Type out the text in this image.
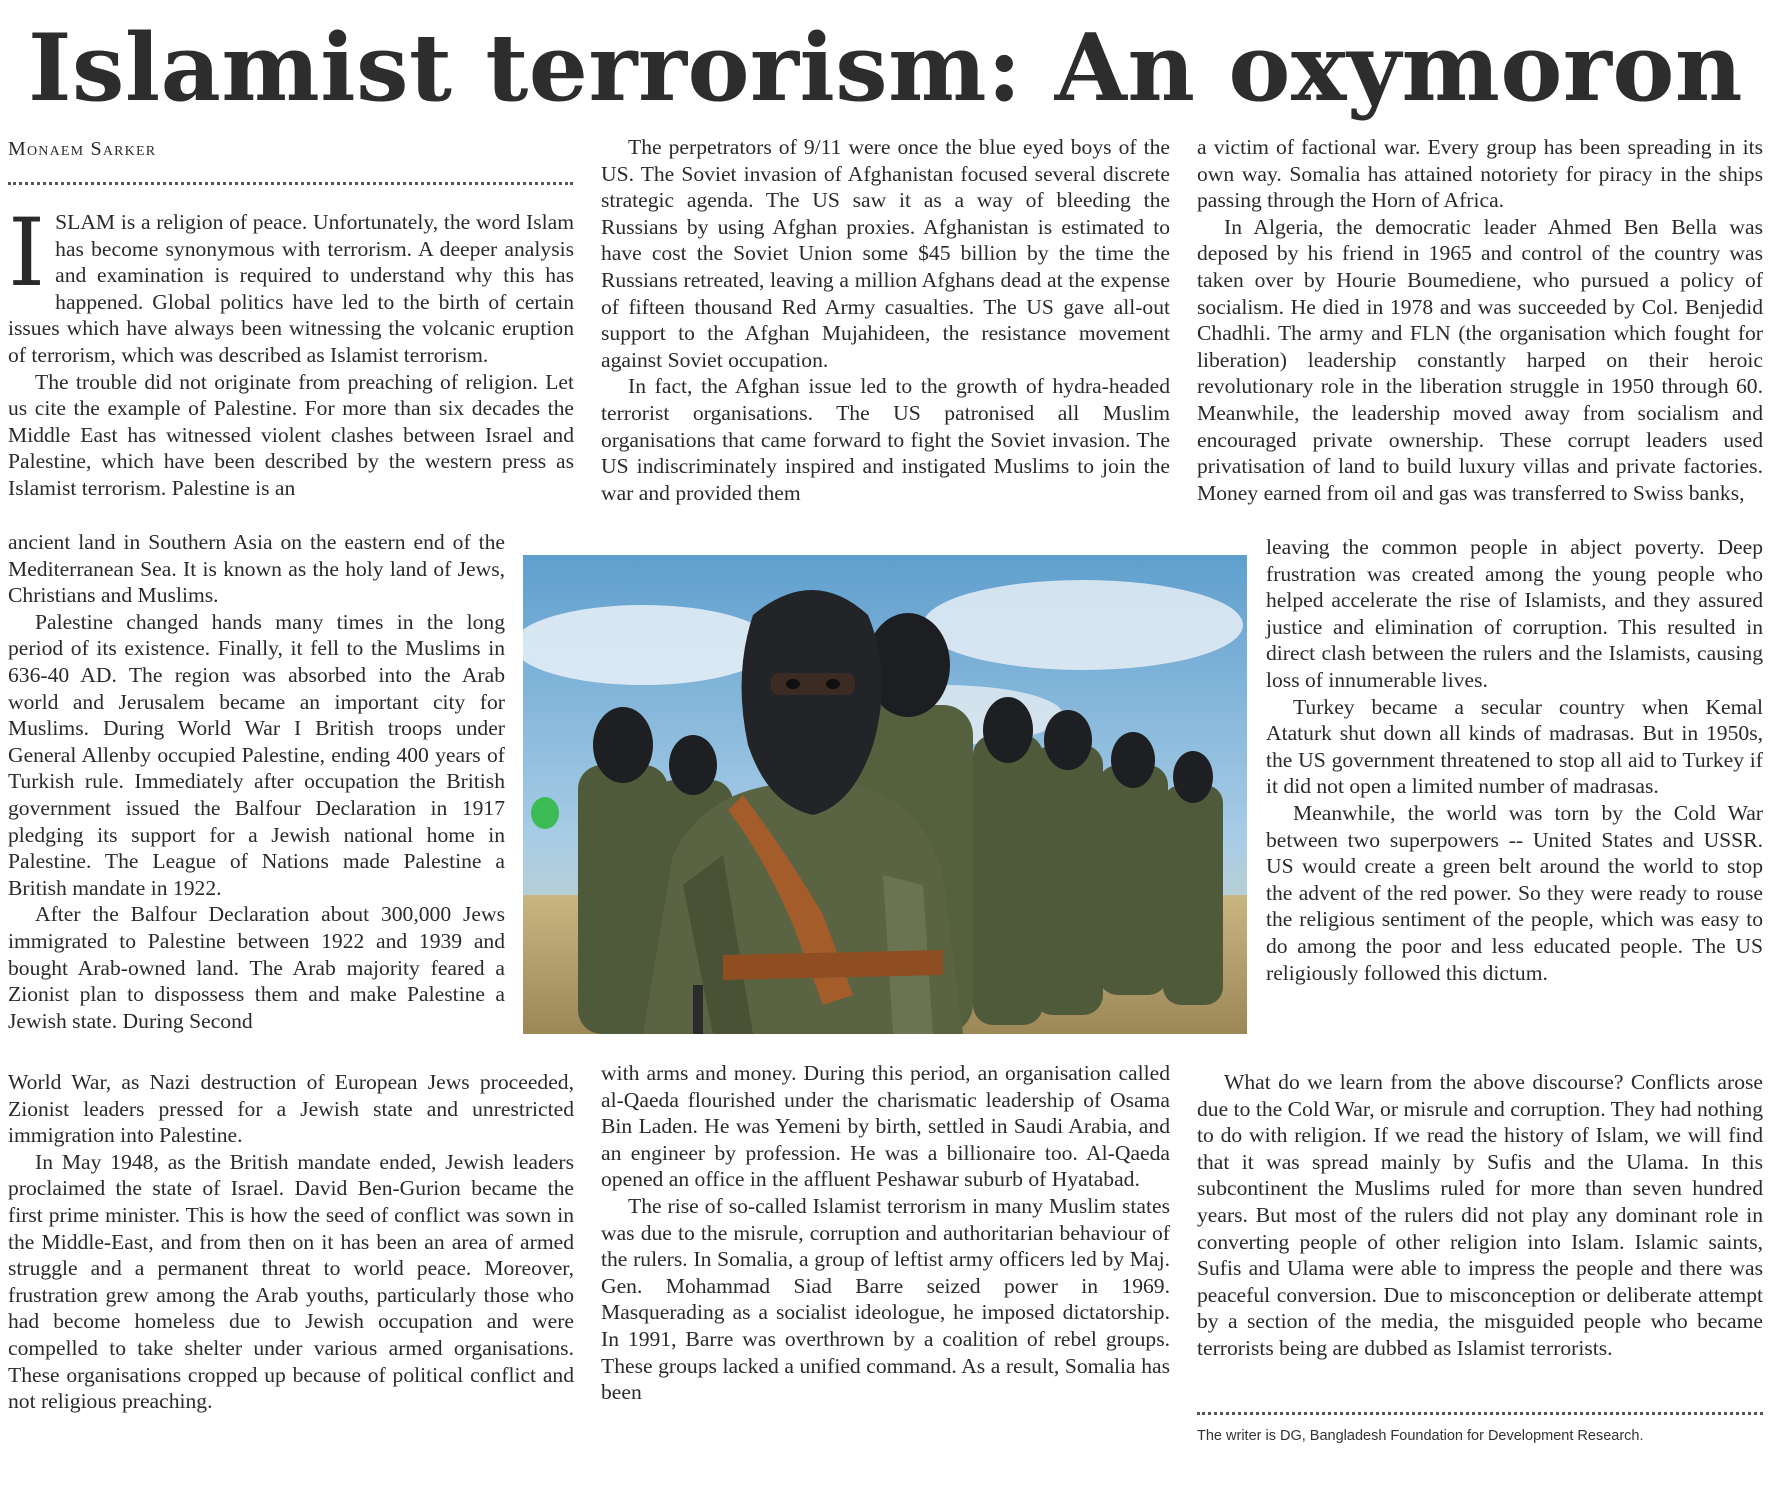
Islamist terrorism: An oxymoron
Monaem Sarker
I SLAM is a religion of peace. Unfortunately, the word Islam has become synonymous with terrorism. A deeper analysis and examination is required to understand why this has happened. Global politics have led to the birth of certain issues which have always been witnessing the volcanic eruption of terrorism, which was described as Islamist terrorism.

The trouble did not originate from preaching of religion. Let us cite the example of Palestine. For more than six decades the Middle East has witnessed violent clashes between Israel and Palestine, which have been described by the western press as Islamist terrorism. Palestine is an

ancient land in Southern Asia on the eastern end of the Mediterranean Sea. It is known as the holy land of Jews, Christians and Muslims.

Palestine changed hands many times in the long period of its existence. Finally, it fell to the Muslims in 636-40 AD. The region was absorbed into the Arab world and Jerusalem became an important city for Muslims. During World War I British troops under General Allenby occupied Palestine, ending 400 years of Turkish rule. Immediately after occupation the British government issued the Balfour Declaration in 1917 pledging its support for a Jewish national home in Palestine. The League of Nations made Palestine a British mandate in 1922.

After the Balfour Declaration about 300,000 Jews immigrated to Palestine between 1922 and 1939 and bought Arab-owned land. The Arab majority feared a Zionist plan to dispossess them and make Palestine a Jewish state. During Second

World War, as Nazi destruction of European Jews proceeded, Zionist leaders pressed for a Jewish state and unrestricted immigration into Palestine.

In May 1948, as the British mandate ended, Jewish leaders proclaimed the state of Israel. David Ben-Gurion became the first prime minister. This is how the seed of conflict was sown in the Middle-East, and from then on it has been an area of armed struggle and a permanent threat to world peace. Moreover, frustration grew among the Arab youths, particularly those who had become homeless due to Jewish occupation and were compelled to take shelter under various armed organisations. These organisations cropped up because of political conflict and not religious preaching.

The perpetrators of 9/11 were once the blue eyed boys of the US. The Soviet invasion of Afghanistan focused several discrete strategic agenda. The US saw it as a way of bleeding the Russians by using Afghan proxies. Afghanistan is estimated to have cost the Soviet Union some $45 billion by the time the Russians retreated, leaving a million Afghans dead at the expense of fifteen thousand Red Army casualties. The US gave all-out support to the Afghan Mujahideen, the resistance movement against Soviet occupation.

In fact, the Afghan issue led to the growth of hydra-headed terrorist organisations. The US patronised all Muslim organisations that came forward to fight the Soviet invasion. The US indiscriminately inspired and instigated Muslims to join the war and provided them

with arms and money. During this period, an organisation called al-Qaeda flourished under the charismatic leadership of Osama Bin Laden. He was Yemeni by birth, settled in Saudi Arabia, and an engineer by profession. He was a billionaire too. Al-Qaeda opened an office in the affluent Peshawar suburb of Hyatabad.

The rise of so-called Islamist terrorism in many Muslim states was due to the misrule, corruption and authoritarian behaviour of the rulers. In Somalia, a group of leftist army officers led by Maj. Gen. Mohammad Siad Barre seized power in 1969. Masquerading as a socialist ideologue, he imposed dictatorship. In 1991, Barre was overthrown by a coalition of rebel groups. These groups lacked a unified command. As a result, Somalia has been

a victim of factional war. Every group has been spreading in its own way. Somalia has attained notoriety for piracy in the ships passing through the Horn of Africa.

In Algeria, the democratic leader Ahmed Ben Bella was deposed by his friend in 1965 and control of the country was taken over by Hourie Boumediene, who pursued a policy of socialism. He died in 1978 and was succeeded by Col. Benjedid Chadhli. The army and FLN (the organisation which fought for liberation) leadership constantly harped on their heroic revolutionary role in the liberation struggle in 1950 through 60. Meanwhile, the leadership moved away from socialism and encouraged private ownership. These corrupt leaders used privatisation of land to build luxury villas and private factories. Money earned from oil and gas was transferred to Swiss banks,

leaving the common people in abject poverty. Deep frustration was created among the young people who helped accelerate the rise of Islamists, and they assured justice and elimination of corruption. This resulted in direct clash between the rulers and the Islamists, causing loss of innumerable lives.

Turkey became a secular country when Kemal Ataturk shut down all kinds of madrasas. But in 1950s, the US government threatened to stop all aid to Turkey if it did not open a limited number of madrasas.

Meanwhile, the world was torn by the Cold War between two superpowers -- United States and USSR. US would create a green belt around the world to stop the advent of the red power. So they were ready to rouse the religious sentiment of the people, which was easy to do among the poor and less educated people. The US religiously followed this dictum.

What do we learn from the above discourse? Conflicts arose due to the Cold War, or misrule and corruption. They had nothing to do with religion. If we read the history of Islam, we will find that it was spread mainly by Sufis and the Ulama. In this subcontinent the Muslims ruled for more than seven hundred years. But most of the rulers did not play any dominant role in converting people of other religion into Islam. Islamic saints, Sufis and Ulama were able to impress the people and there was peaceful conversion. Due to misconception or deliberate attempt by a section of the media, the misguided people who became terrorists being are dubbed as Islamist terrorists.

The writer is DG, Bangladesh Foundation for Development Research.
